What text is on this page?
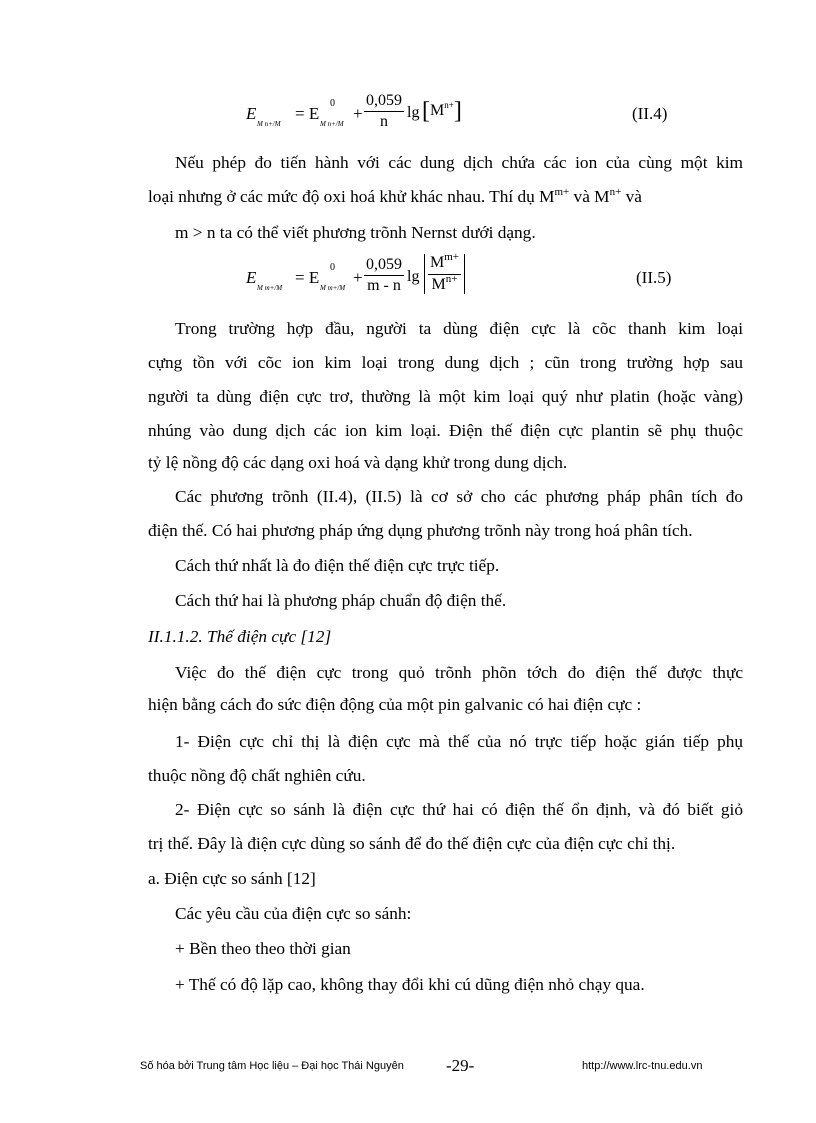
E
M n+/M
= E
0
M n+/M
+ $\frac{0,059}{n}$ $\lg [M^{n+}]$	(II.4)
Nếu phép đo tiến hành với các dung dịch chứa các ion của cùng một kim
loại nhưng ở các mức độ oxi hoá khử khác nhau. Thí dụ $M^{m+}$ và $M^{n+}$ và
m > n ta có thể viết phương trõnh Nernst dưới dạng.
E
M m+/M
= E
0
M m+/M
+ $\frac{0,059}{m - n}$ $\lg \frac{M^{m+}}{M^{n+}}$	(II.5)
Trong trường hợp đầu, người ta dùng điện cực là cõc thanh kim loại
cựng tồn với cõc ion kim loại trong dung dịch ; cũn trong trường hợp sau
người ta dùng điện cực trơ, thường là một kim loại quý như platin (hoặc vàng)
nhúng vào dung dịch các ion kim loại. Điện thế điện cực plantin sẽ phụ thuộc
tỷ lệ nồng độ các dạng oxi hoá và dạng khử trong dung dịch.
Các phương trõnh (II.4), (II.5) là cơ sở cho các phương pháp phân tích đo
điện thế. Có hai phương pháp ứng dụng phương trõnh này trong hoá phân tích.
Cách thứ nhất là đo điện thế điện cực trực tiếp.
Cách thứ hai là phương pháp chuẩn độ điện thế.
II.1.1.2. Thế điện cực [12]
Việc đo thế điện cực trong quỏ trõnh phõn tớch đo điện thế được thực
hiện bằng cách đo sức điện động của một pin galvanic có hai điện cực :
1- Điện cực chỉ thị là điện cực mà thế của nó trực tiếp hoặc gián tiếp phụ
thuộc nồng độ chất nghiên cứu.
2- Điện cực so sánh là điện cực thứ hai có điện thế ổn định, và đó biết giỏ
trị thế. Đây là điện cực dùng so sánh để đo thế điện cực của điện cực chỉ thị.
a. Điện cực so sánh [12]
Các yêu cầu của điện cực so sánh:
+ Bền theo theo thời gian
+ Thế có độ lặp cao, không thay đổi khi cú dũng điện nhỏ chạy qua.
Số hóa bởi Trung tâm Học liệu – Đại học Thái Nguyên -29-	http://www.lrc-tnu.edu.vn
